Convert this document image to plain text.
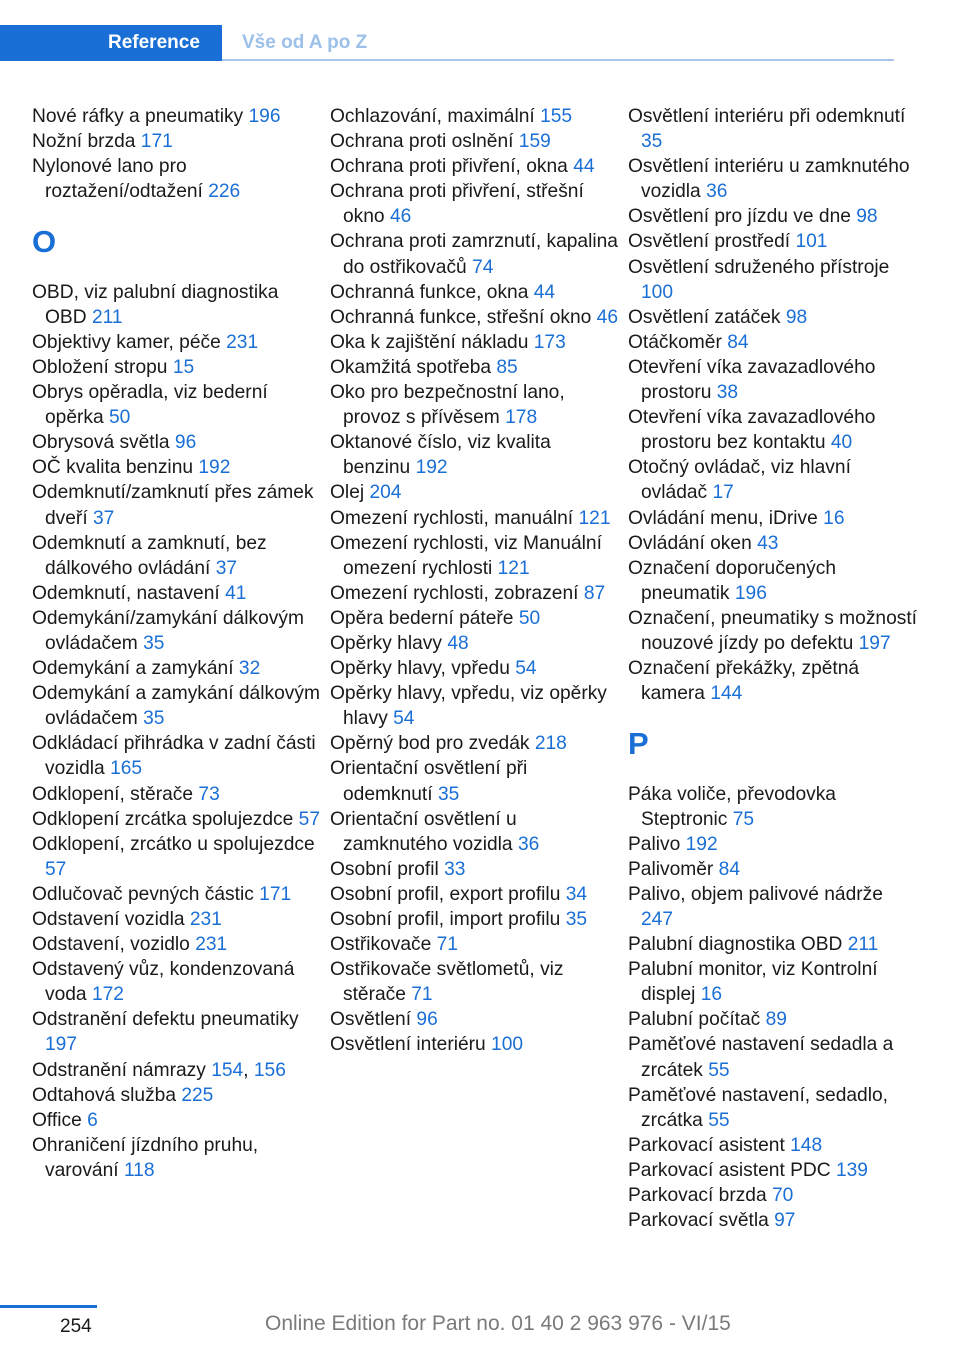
Reference	Vše od A po Z
Nové ráfky a pneumatiky 196
Nožní brzda 171
Nylonové lano pro roztažení/odtažení 226
O
OBD, viz palubní diagnostika OBD 211
Objektivy kamer, péče 231
Obložení stropu 15
Obrys opěradla, viz bederní opěrka 50
Obrysová světla 96
OČ kvalita benzinu 192
Odemknutí/zamknutí přes zámek dveří 37
Odemknutí a zamknutí, bez dálkového ovládání 37
Odemknutí, nastavení 41
Odemykání/zamykání dálkovým ovládačem 35
Odemykání a zamykání 32
Odemykání a zamykání dálkovým ovládačem 35
Odkládací přihrádka v zadní části vozidla 165
Odklopení, stěrače 73
Odklopení zrcátka spolujezdce 57
Odklopení, zrcátko u spolujezdce 57
Odlučovač pevných částic 171
Odstavení vozidla 231
Odstavení, vozidlo 231
Odstavený vůz, kondenzovaná voda 172
Odstranění defektu pneumatiky 197
Odstranění námrazy 154, 156
Odtahová služba 225
Office 6
Ohraničení jízdního pruhu, varování 118
Ochlazování, maximální 155
Ochrana proti oslnění 159
Ochrana proti přivření, okna 44
Ochrana proti přivření, střešní okno 46
Ochrana proti zamrznutí, kapalina do ostřikovačů 74
Ochranná funkce, okna 44
Ochranná funkce, střešní okno 46
Oka k zajištění nákladu 173
Okamžitá spotřeba 85
Oko pro bezpečnostní lano, provoz s přívěsem 178
Oktanové číslo, viz kvalita benzinu 192
Olej 204
Omezení rychlosti, manuální 121
Omezení rychlosti, viz Manuální omezení rychlosti 121
Omezení rychlosti, zobrazení 87
Opěra bederní páteře 50
Opěrky hlavy 48
Opěrky hlavy, vpředu 54
Opěrky hlavy, vpředu, viz opěrky hlavy 54
Opěrný bod pro zvedák 218
Orientační osvětlení při odemknutí 35
Orientační osvětlení u zamknutého vozidla 36
Osobní profil 33
Osobní profil, export profilu 34
Osobní profil, import profilu 35
Ostřikovače 71
Ostřikovače světlometů, viz stěrače 71
Osvětlení 96
Osvětlení interiéru 100
Osvětlení interiéru při odemknutí 35
Osvětlení interiéru u zamknutého vozidla 36
Osvětlení pro jízdu ve dne 98
Osvětlení prostředí 101
Osvětlení sdruženého přístroje 100
Osvětlení zatáček 98
Otáčkoměr 84
Otevření víka zavazadlového prostoru 38
Otevření víka zavazadlového prostoru bez kontaktu 40
Otočný ovládač, viz hlavní ovládač 17
Ovládání menu, iDrive 16
Ovládání oken 43
Označení doporučených pneumatik 196
Označení, pneumatiky s možností nouzové jízdy po defektu 197
Označení překážky, zpětná kamera 144
P
Páka voliče, převodovka Steptronic 75
Palivo 192
Palivoměr 84
Palivo, objem palivové nádrže 247
Palubní diagnostika OBD 211
Palubní monitor, viz Kontrolní displej 16
Palubní počítač 89
Paměťové nastavení sedadla a zrcátek 55
Paměťové nastavení, sedadlo, zrcátka 55
Parkovací asistent 148
Parkovací asistent PDC 139
Parkovací brzda 70
Parkovací světla 97
254	Online Edition for Part no. 01 40 2 963 976 - VI/15
